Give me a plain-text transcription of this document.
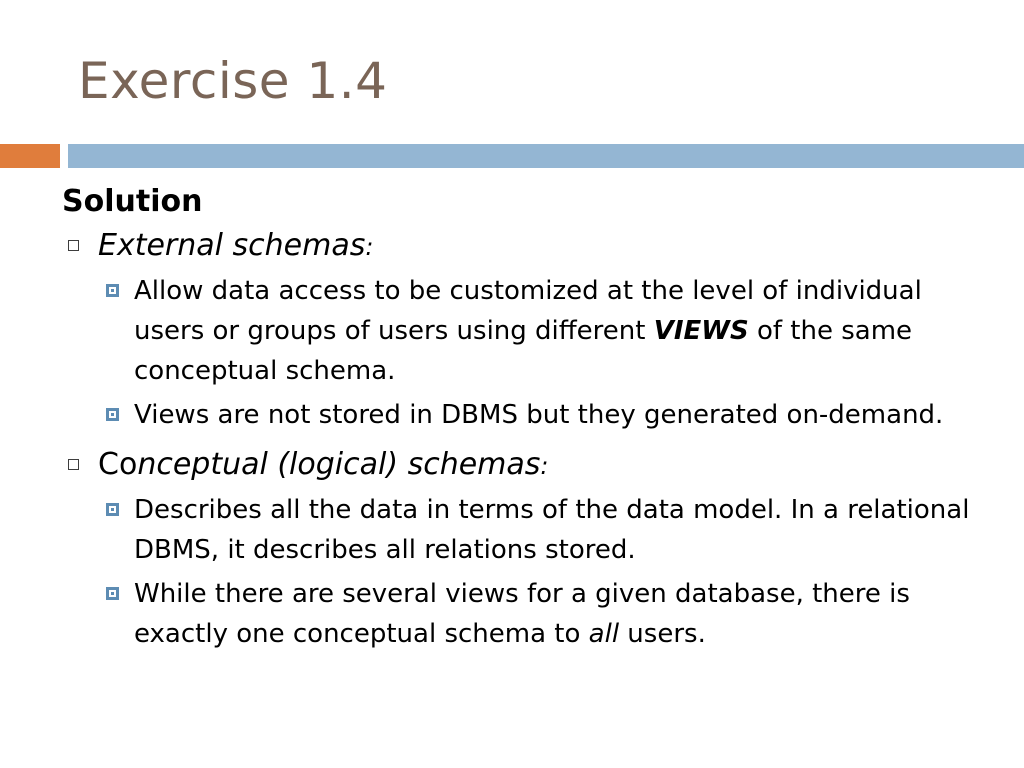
Exercise 1.4
Solution
External schemas:
Allow data access to be customized at the level of individual users or groups of users using different VIEWS of the same conceptual schema.
Views are not stored in DBMS but they generated on-demand.
Conceptual (logical) schemas:
Describes all the data in terms of the data model. In a relational DBMS, it describes all relations stored.
While there are several views for a given database, there is exactly one conceptual schema to all users.
